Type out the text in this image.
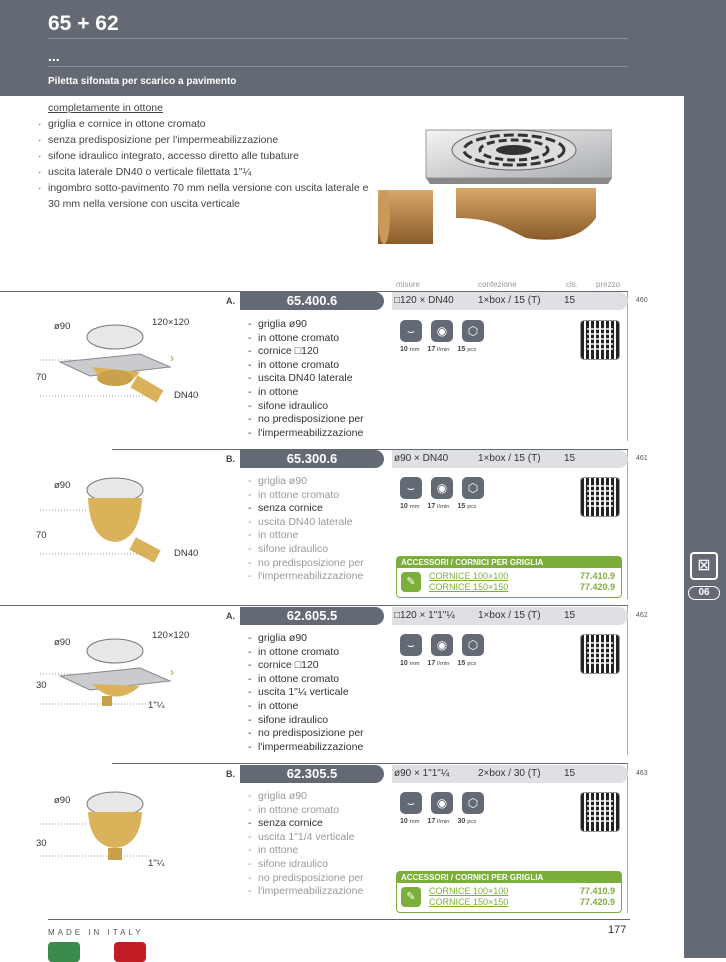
65 + 62
...
Piletta sifonata per scarico a pavimento
⊠
06
completamente in ottone
· griglia e cornice in ottone cromato
· senza predisposizione per l'impermeabilizzazione
· sifone idraulico integrato, accesso diretto alle tubature
· uscita laterale DN40 o verticale filettata 1"¼
· ingombro sotto-pavimento 70 mm nella versione con uscita laterale e 30 mm nella versione con uscita verticale
misure	confezione	cls. prezzo
A.	65.400.6	□120 × DN40 1×box / 15 (T) 15	460
- griglia ø90
- in ottone cromato
- cornice □120
- in ottone cromato
- uscita DN40 laterale
- in ottone
- sifone idraulico
- no predisposizione per
- l'impermeabilizzazione
⌣	◉	⬡
10 mm 17 l/min 15 pcs
›
ø90	120×120
70
DN40
B.	65.300.6	ø90 × DN40	1×box / 15 (T) 15	461
- griglia ø90
- in ottone cromato
- senza cornice
- uscita DN40 laterale
- in ottone
- sifone idraulico
- no predisposizione per
- l'impermeabilizzazione
⌣	◉	⬡
10 mm 17 l/min 15 pcs
ACCESSORI / CORNICI PER GRIGLIA
✎	CORNICE 100×100	77.410.9
CORNICE 150×150	77.420.9
ø90
70
DN40
A.	62.605.5	□120 × 1"1"¼ 1×box / 15 (T) 15	462
- griglia ø90
- in ottone cromato
- cornice □120
- in ottone cromato
- uscita 1"¼ verticale
- in ottone
- sifone idraulico
- no predisposizione per
- l'impermeabilizzazione
⌣	◉	⬡
10 mm 17 l/min 15 pcs
›
ø90
120×120
30
1"¼
B.	62.305.5	ø90 × 1"1"¼	2×box / 30 (T) 15	463
- griglia ø90
- in ottone cromato
- senza cornice
- uscita 1"1/4 verticale
- in ottone
- sifone idraulico
- no predisposizione per
- l'impermeabilizzazione
⌣	◉	⬡
10 mm 17 l/min 30 pcs
ACCESSORI / CORNICI PER GRIGLIA
✎	CORNICE 100×100	77.410.9
CORNICE 150×150	77.420.9
ø90
30
1"¼
MADE IN ITALY	177
